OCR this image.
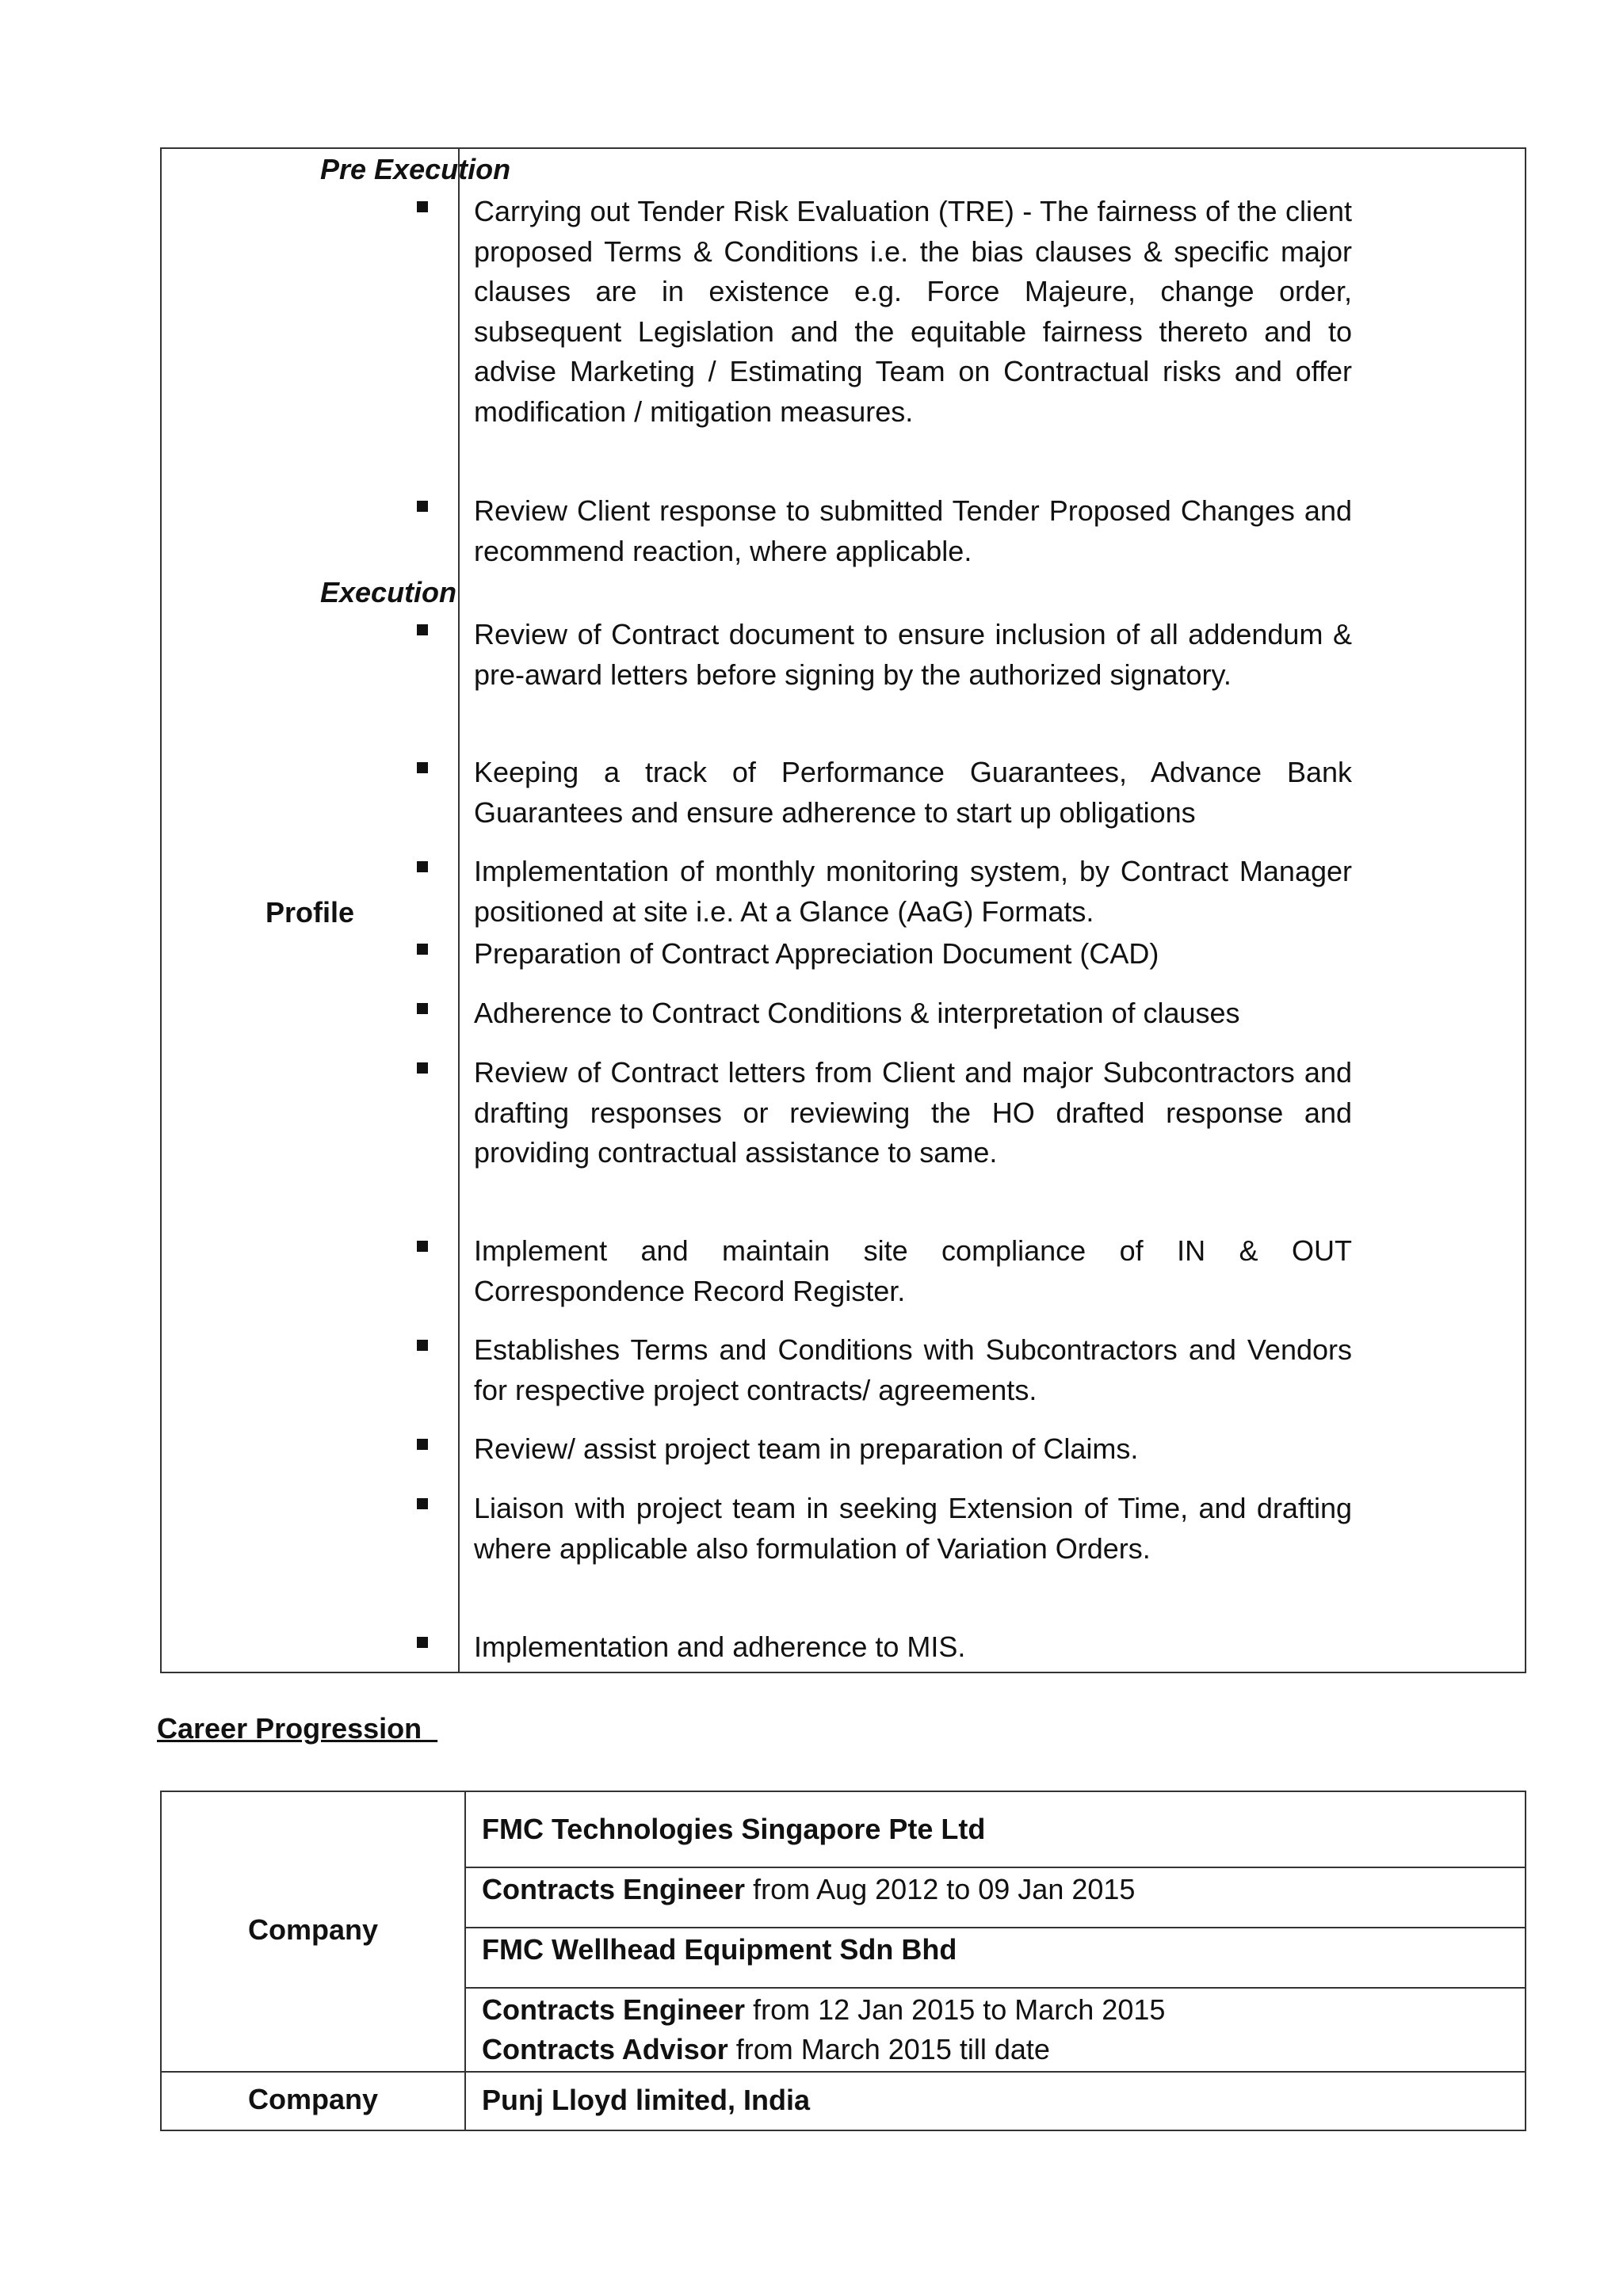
Profile
Pre Execution
Carrying out Tender Risk Evaluation (TRE) - The fairness of the client proposed Terms & Conditions i.e. the bias clauses & specific major clauses are in existence e.g. Force Majeure, change order, subsequent Legislation and the equitable fairness thereto and to advise Marketing / Estimating Team on Contractual risks and offer modification / mitigation measures.
Review Client response to submitted Tender Proposed Changes and recommend reaction, where applicable.
Execution
Review of Contract document to ensure inclusion of all addendum & pre-award letters before signing by the authorized signatory.
Keeping a track of Performance Guarantees, Advance Bank Guarantees and ensure adherence to start up obligations
Implementation of monthly monitoring system, by Contract Manager positioned at site i.e. At a Glance (AaG) Formats.
Preparation of Contract Appreciation Document (CAD)
Adherence to Contract Conditions & interpretation of clauses
Review of Contract letters from Client and major Subcontractors and drafting responses or reviewing the HO drafted response and providing contractual assistance to same.
Implement and maintain site compliance of IN & OUT Correspondence Record Register.
Establishes Terms and Conditions with Subcontractors and Vendors for respective project contracts/ agreements.
Review/ assist project team in preparation of Claims.
Liaison with project team in seeking Extension of Time, and drafting where applicable also formulation of Variation Orders.
Implementation and adherence to MIS.
Career Progression
Company
Company
FMC Technologies Singapore Pte Ltd
Contracts Engineer from Aug 2012 to 09 Jan 2015
FMC Wellhead Equipment Sdn Bhd
Contracts Engineer from 12 Jan 2015 to March 2015
Contracts Advisor from March 2015 till date
Punj Lloyd limited, India
